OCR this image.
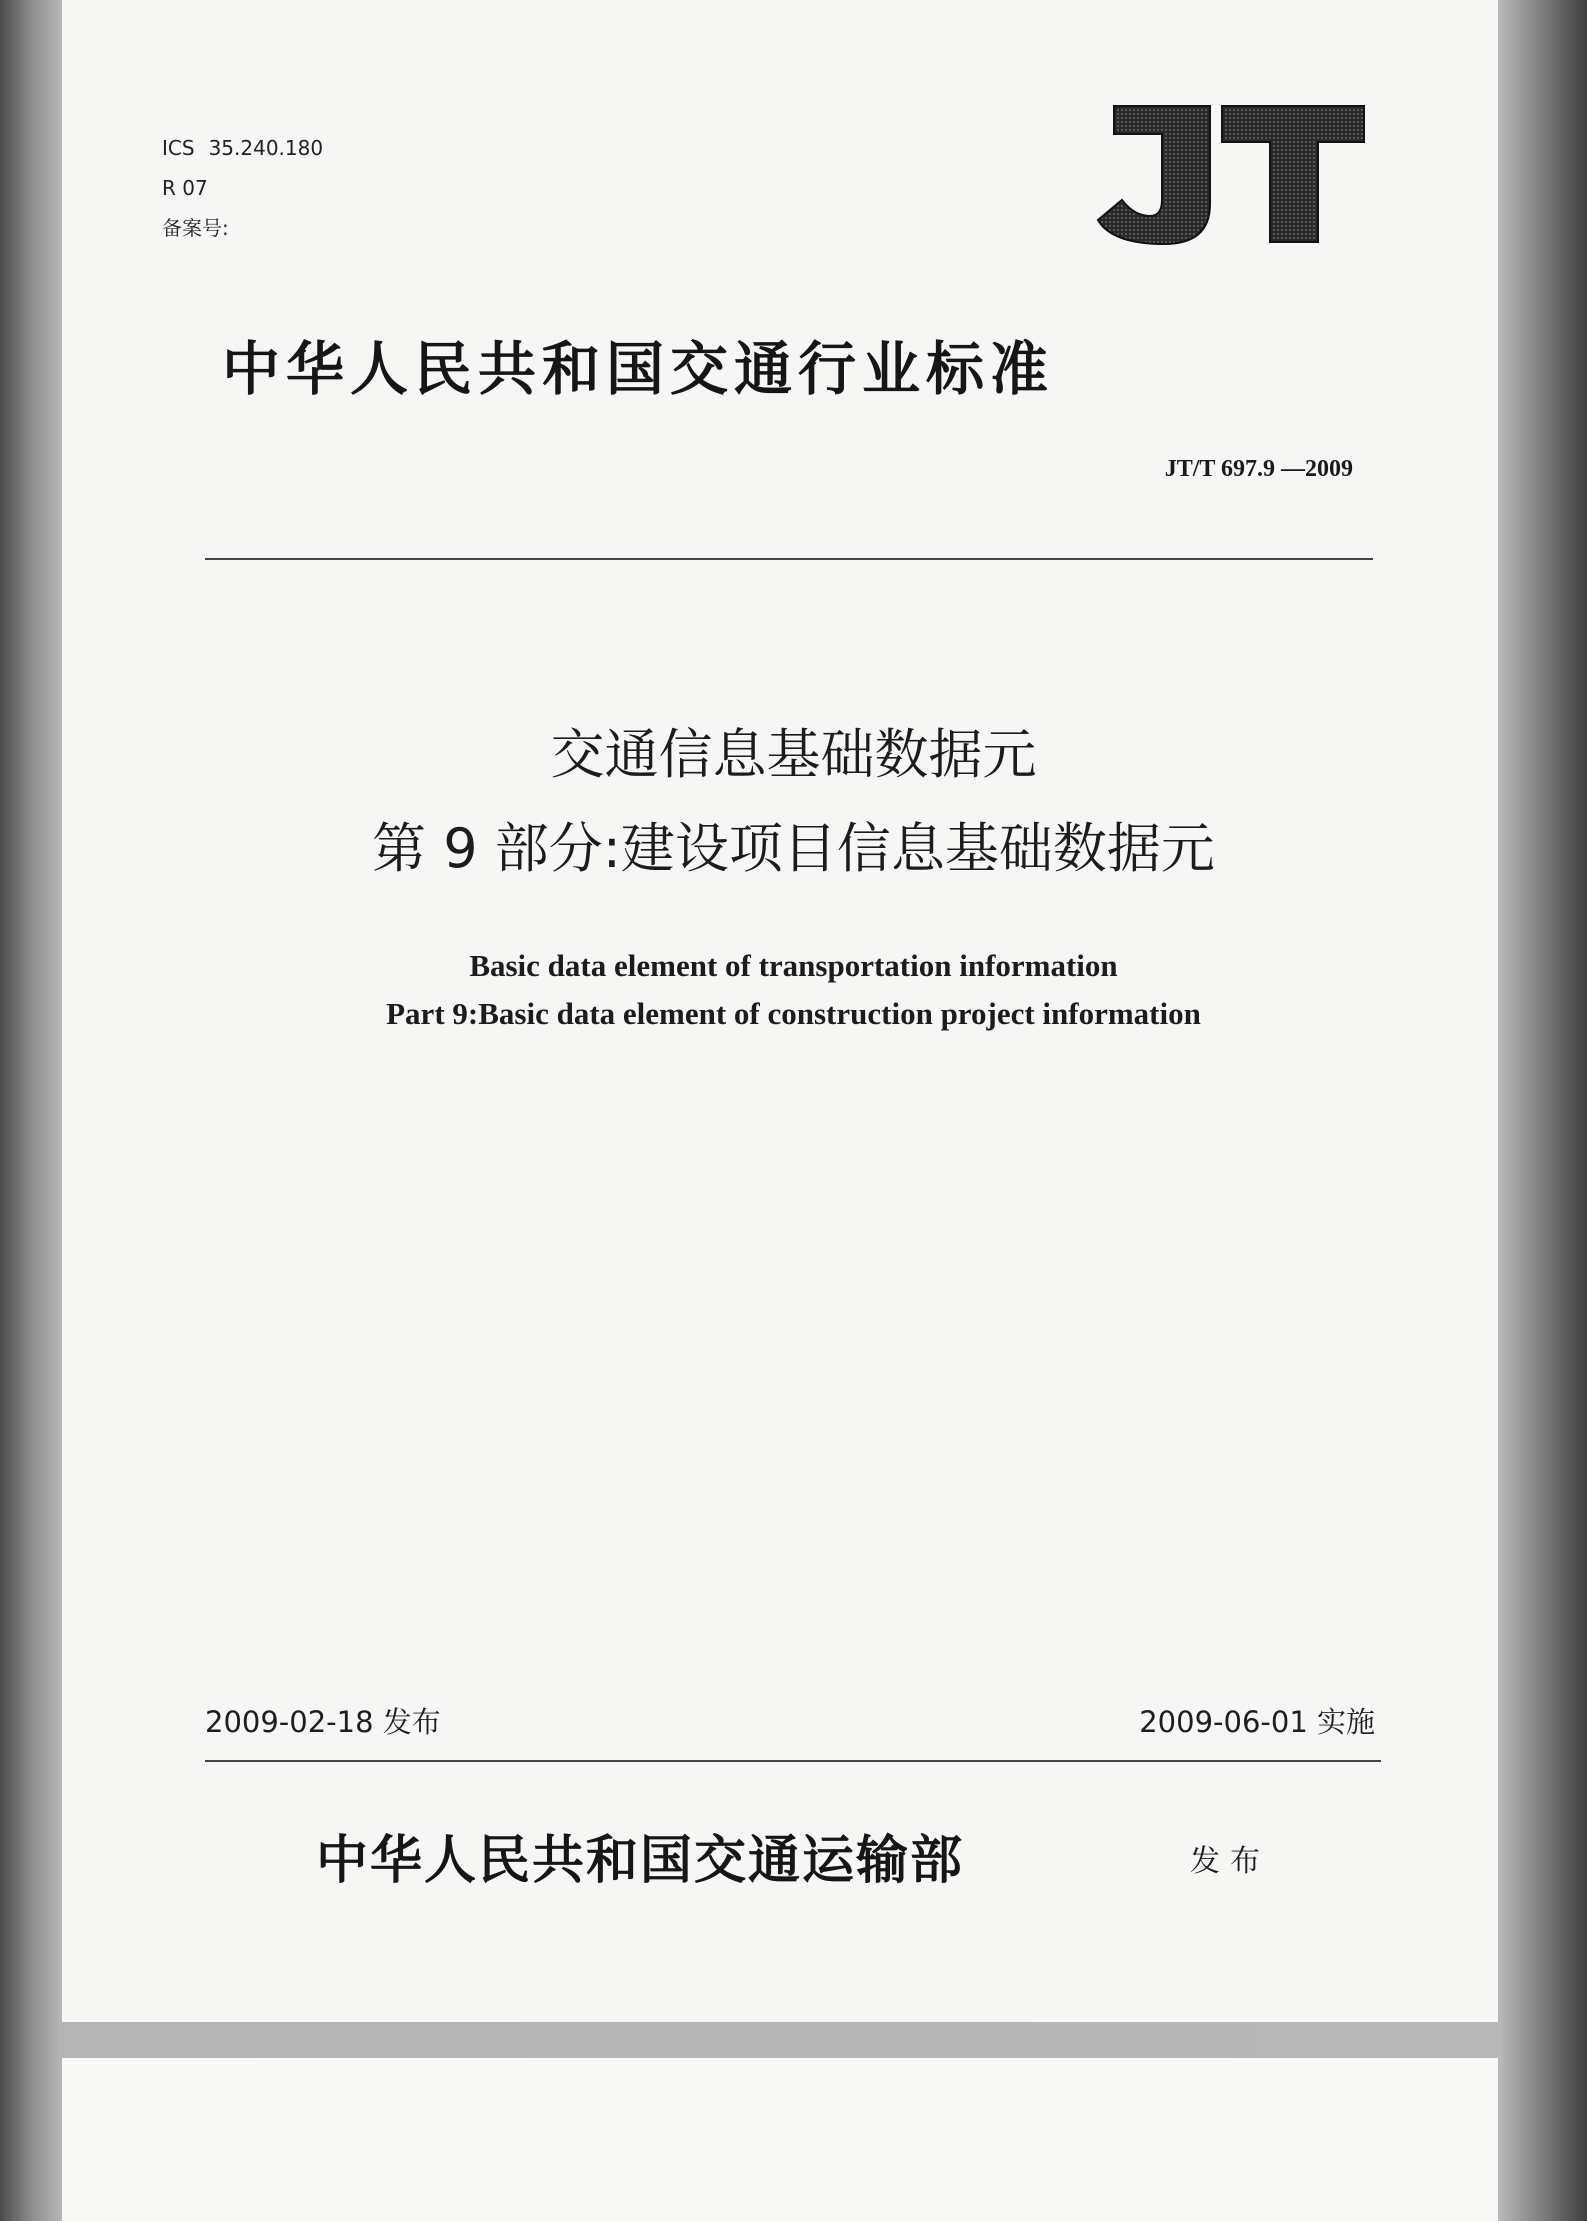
ICS 35.240.180
R 07
备案号:
中华人民共和国交通行业标准
JT/T 697.9 —2009
交通信息基础数据元
第 9 部分:建设项目信息基础数据元
Basic data element of transportation information
Part 9:Basic data element of construction project information
2009-02-18 发布	2009-06-01 实施
中华人民共和国交通运输部	发布
